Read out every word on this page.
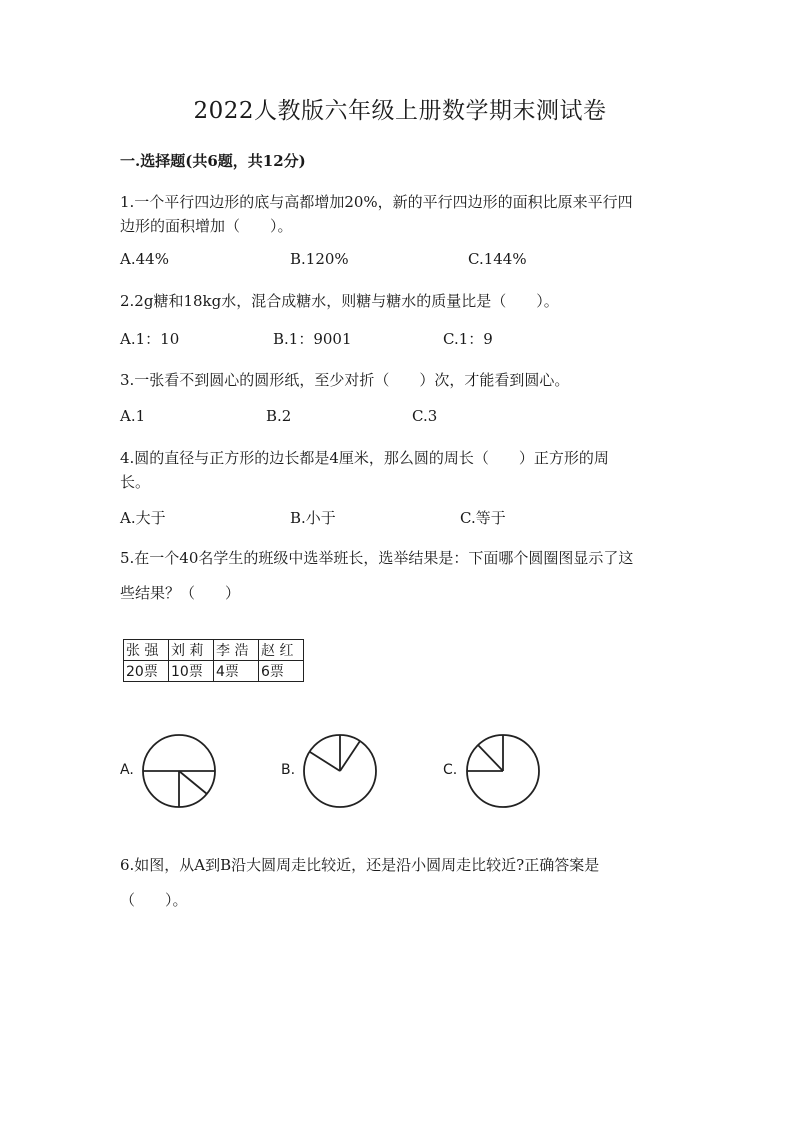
2022人教版六年级上册数学期末测试卷
一.选择题(共6题，共12分)
1.一个平行四边形的底与高都增加20%，新的平行四边形的面积比原来平行四
边形的面积增加（　　）。
A.44%	B.120%	C.144%
2.2g糖和18kg水，混合成糖水，则糖与糖水的质量比是（　　）。
A.1：10	B.1：9001	C.1：9
3.一张看不到圆心的圆形纸，至少对折（　　）次，才能看到圆心。
A.1	B.2	C.3
4.圆的直径与正方形的边长都是4厘米，那么圆的周长（　　）正方形的周
长。
A.大于	B.小于	C.等于
5.在一个40名学生的班级中选举班长，选举结果是：下面哪个圆圈图显示了这
些结果？（　　）
张 强	刘 莉	李 浩	赵 红
20票	10票	4票	6票
A.	B.	C.
6.如图，从A到B沿大圆周走比较近，还是沿小圆周走比较近?正确答案是
（　　）。
